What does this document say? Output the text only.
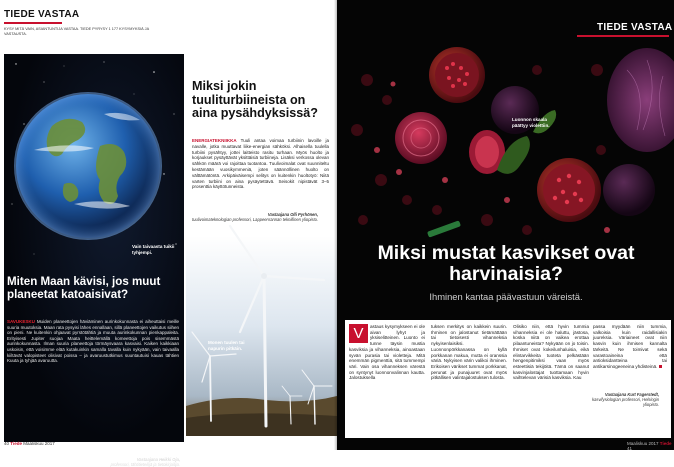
TIEDE VASTAA
KYSY MITÄ VAIN, ASIANTUNTIJA VASTAA. TIEDE PYRYSY 1 177 KYSYMYKSIÄ JA VASTAUSTA.
Vain taivaasta tuikii tyhjempi.
Miten Maan kävisi, jos muut planeetat katoaisivat?

SAVUKESKU Muiden planeettojen häviäminen aurinkokunnasta ei aiheuttaisi meille suuria muutoksia. Maan rata pysyisi lähes ennallaan, sillä planeettojen vaikutus siihen on pieni. Ne kuitenkin ohjaavat pyrstötähtiä ja muuta aurinkokunnan pienkappaleita. Erityisesti Jupiter suojaa Maata heittelemällä komeettoja pois sisemmästä aurinkokunnasta. Ilman suuria planeettoja törmäysvaara kasvaisi. Kaiken kaikkiaan uskoisin, että voisimme elää kutakuinkin samalla tavalla kuin nykyään, vain taivaalla kiiltävät valopisteet olisivat poissa – ja avaruustutkimus suuntautuisi kauas tähtien Kuuta ja tyhjää avaruutta.

Vastaajana Heikki Oja,
professori, tähtitieteilijä ja tietokirjailija.
Miksi jokin tuuliturbiineista on aina pysähdyksissä?

ENERGIATEKNIIKKA Tuuli antaa voimaa turbiinin lavoille ja navalle, jotka muuttavat liike-energian sähköksi. Alhaisella tuulella turbiini pysähtyy, jottei laitteisto rasitu turhaan. Myös huolto ja korjaukset pysäyttävät yksittäisiä turbiineja. Lisäksi verkossa olevan sähkön määrä voi rajoittaa tuotantoa. Tuulivoimalat ovat suunniteltu kestämään vuosikymmeniä, joten säännöllinen huolto on välttämätöntä. Arkipäiväisempi selitys on kuitenkin huoltotyö: Niitä varten turbiini on aina pysäytettävä. Seisokit nipistävät 3–5 prosenttia käyttötunneista.

Vastaajana Olli Pyrhönen,
tuulivoimateknologian professori, Lappeenrannan teknillinen yliopisto.
Monen tuulen tai napurin pitkäin.
40 Tiede Maaliskuu 2017
TIEDE VASTAA
Luonnon skaala päättyy violettiin.
Miksi mustat kasvikset ovat harvinaisia?
Ihminen kantaa päävastuun väreistä.
V	astaus kysymykseen ei ole aivan lyhyt ja yksiselitteinen. Luonto ei tunne täysin mustia kasviksia ja vihanneksia, ainoastaan syvän purasia tai violetteja. Mitä enemmän pigmenttiä, sitä tummempi väri. Vain osa vihanneksen värestä on syntynyt luonnonvalinnan kautta. Jalostuksella
tuksen merkitys on kaikkein suurin. Ihminen on jalostanut tietämättään tai tietoisesti vihanneksia nykyisenlaisiksi. Luonnonpörkkanassa on kyllä porkkanan makua, mutta ei oranssia väriä. Nykyisen värin valikoi ihminen. Erikoisen värikset tummat porkkanat, perunat ja punajuuret ovat myös pitkällisen valintajalostuksen tulosta.
Olisiko niin, että hyvin tummia vihanneksia ei ole haluttu, jästosa, koska niitä on vaikea erottaa pilaantuneista? Nykyään on jo toisin. Ihmiset ovat kokeilunhaluisia, eikä elintarvikkeita tuoteta pelkästään hengenpitimiksi vaan myös esteettisiä tekijöitä. Tämä on saanut kasvinjalostajat tuottamaan hyvin vaihtelevan värisiä kasviksia. Kau
passa myydään niin tummia, valkoisia kuin raidallisiakin juureksia. Väriaineet ovat niin kasvin kuin ihmisen kannalta tärkeitä. Ne toimivat sekä varastoaineina että antioksidantteina tai antikarsinogeeneina yhdisteinä.
Vastaajana Kurt Fagerstedt,
kasvifysiologian professori, Helsingin yliopisto.
Maaliskuu 2017 Tiede 41
